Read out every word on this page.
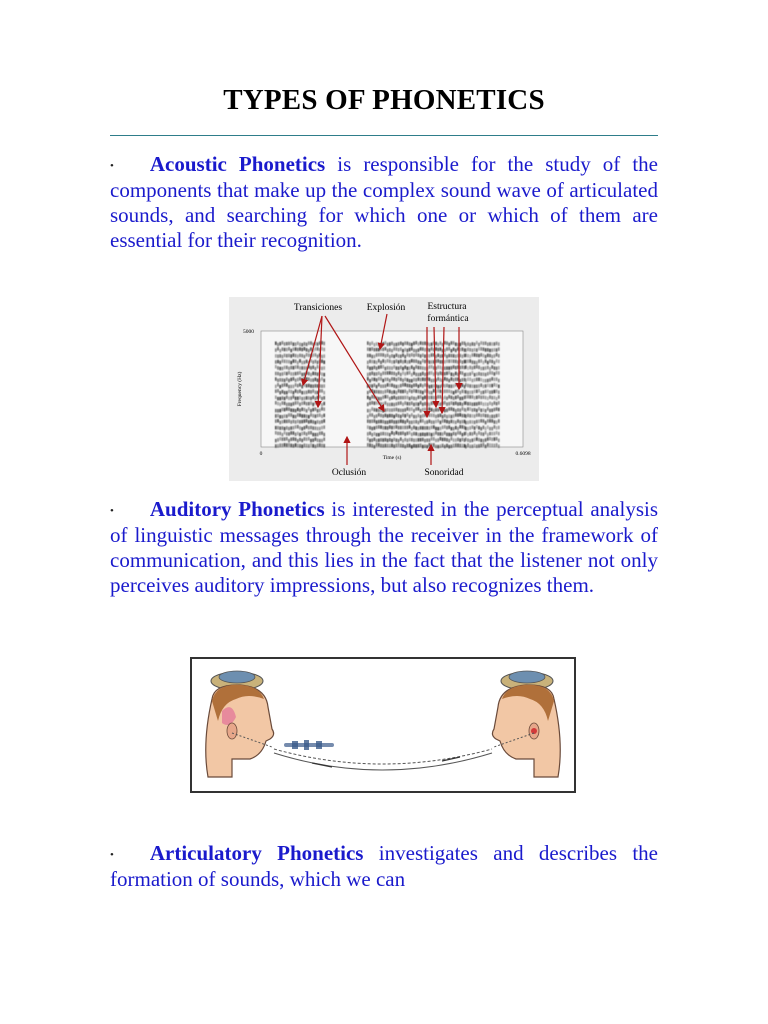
TYPES OF PHONETICS

• Acoustic Phonetics is responsible for the study of the components that make up the complex sound wave of articulated sounds, and searching for which one or which of them are essential for their recognition.

Transiciones	Explosión Estructura
formántica
Oclusión	Sonoridad
5000
Frequency (Hz)
0
Time (s)
0.6098

• Auditory Phonetics is interested in the perceptual analysis of linguistic messages through the receiver in the framework of communication, and this lies in the fact that the listener not only perceives auditory impressions, but also recognizes them.

• Articulatory Phonetics investigates and describes the formation of sounds, which we can
